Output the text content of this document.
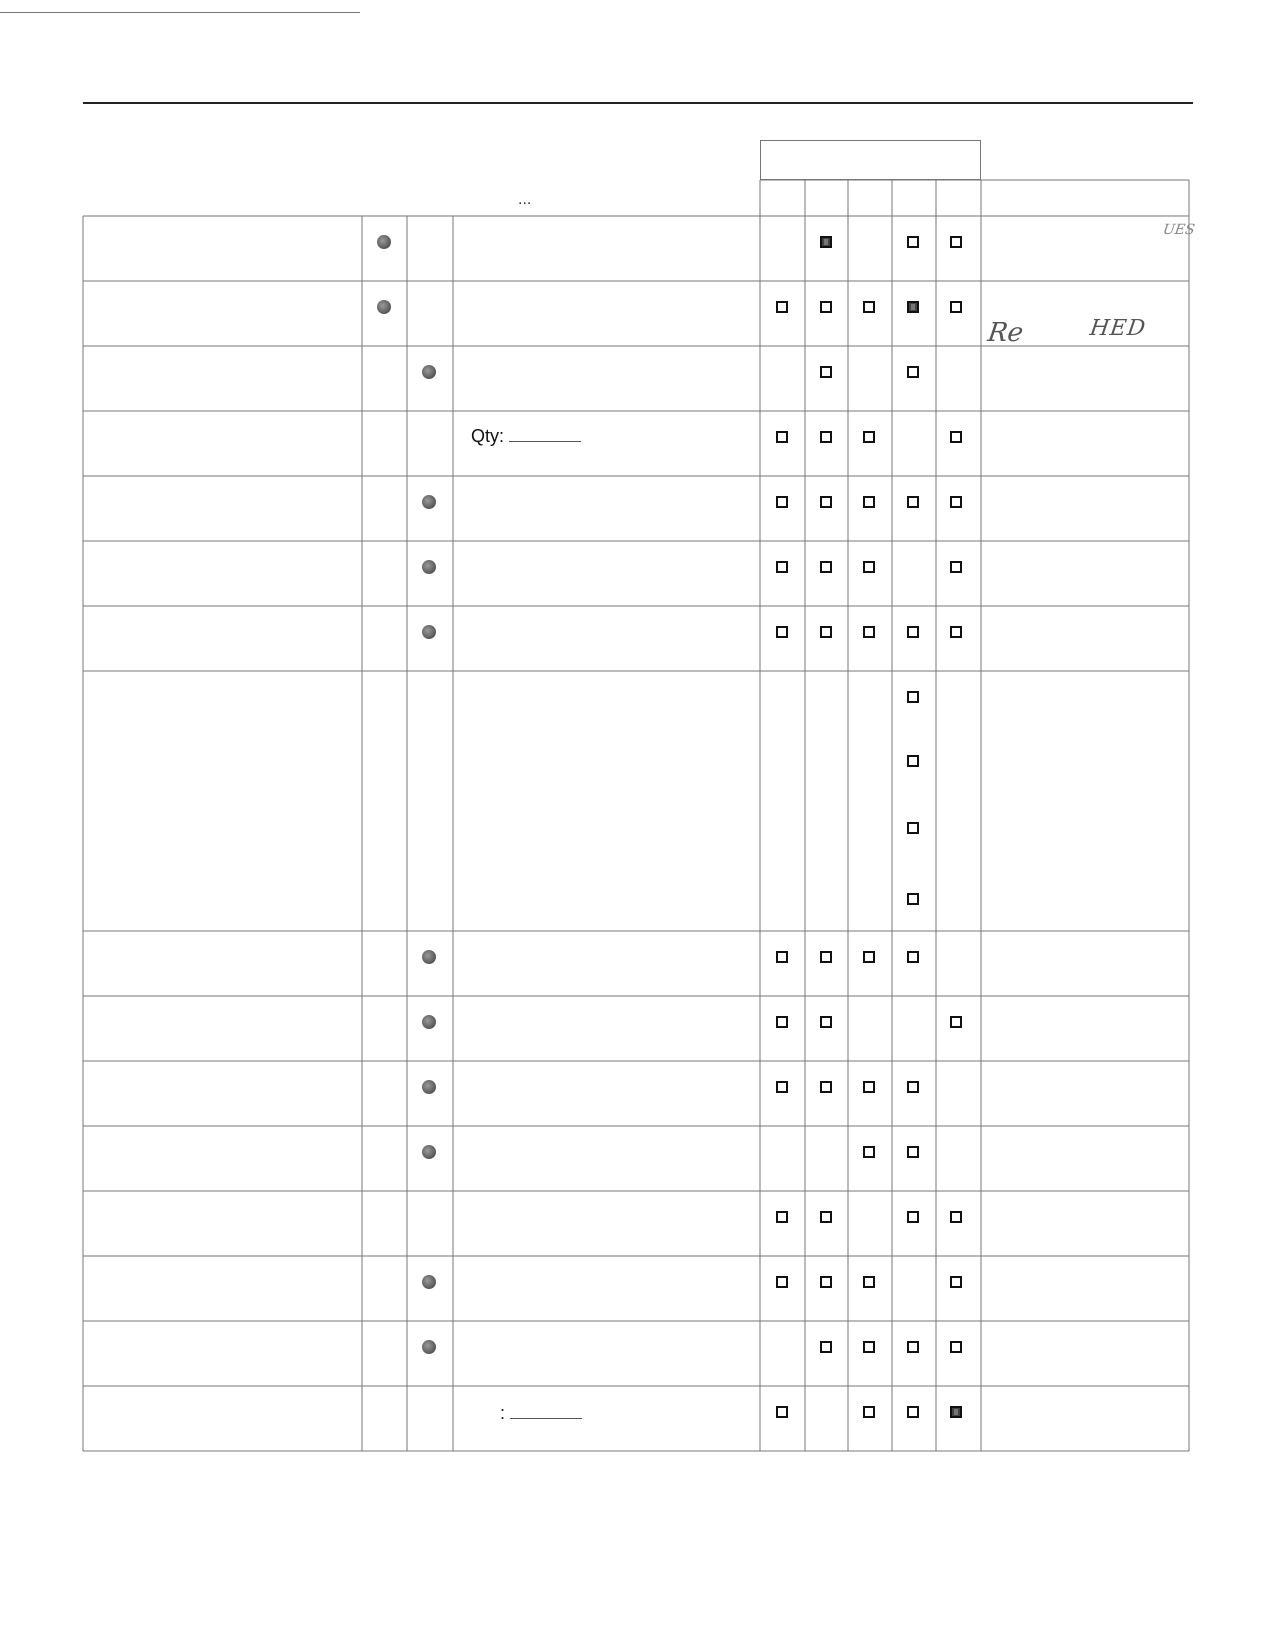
...
Qty:
:
Re	HED
UES
